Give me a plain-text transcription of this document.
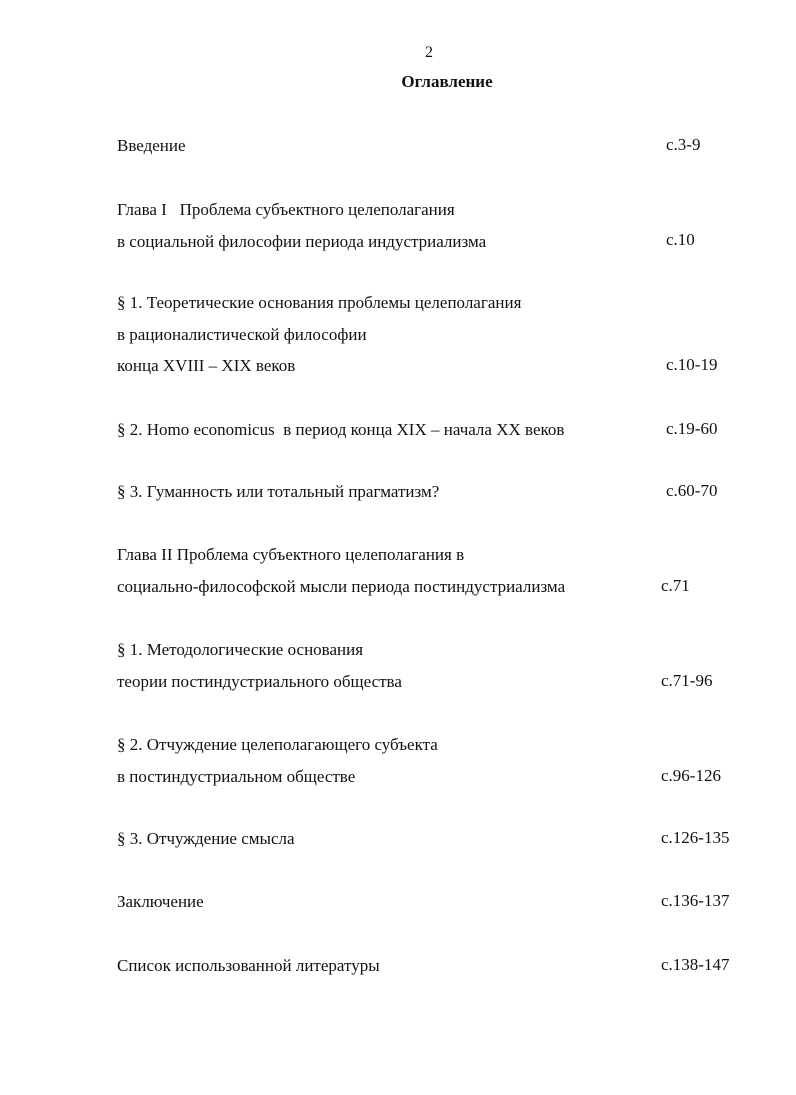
2
Оглавление
Введение	с.3-9
Глава I   Проблема субъектного целеполагания
в социальной философии периода индустриализма	с.10
§ 1. Теоретические основания проблемы целеполагания
в рационалистической философии
конца XVIII – XIX веков	с.10-19
§ 2. Homo economicus  в период конца XIX – начала XX веков	с.19-60
§ 3. Гуманность или тотальный прагматизм?	с.60-70
Глава II Проблема субъектного целеполагания в
социально-философской мысли периода постиндустриализма	с.71
§ 1. Методологические основания
теории постиндустриального общества	с.71-96
§ 2. Отчуждение целеполагающего субъекта
в постиндустриальном обществе	с.96-126
§ 3. Отчуждение смысла	с.126-135
Заключение	с.136-137
Список использованной литературы	с.138-147
